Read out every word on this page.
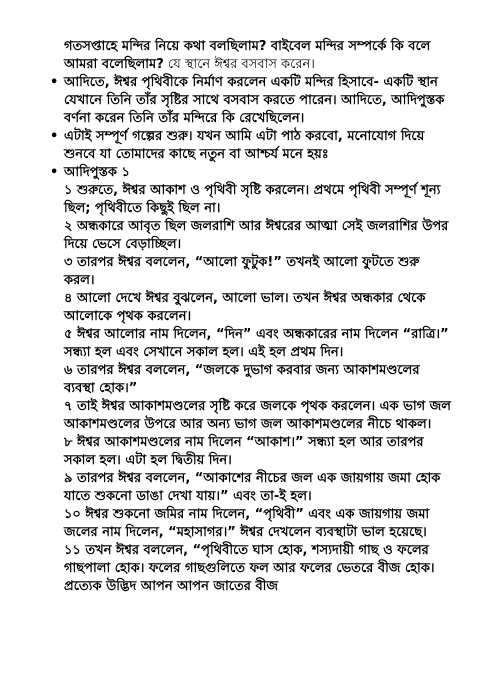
গতসপ্তাহে মন্দির নিয়ে কথা বলছিলাম? বাইবেল মন্দির সম্পর্কে কি বলে আমরা বলেছিলাম? যে স্থানে ঈশ্বর বসবাস করেন।

• আদিতে, ঈশ্বর পৃথিবীকে নির্মাণ করলেন একটি মন্দির হিসাবে- একটি স্থান যেখানে তিনি তাঁর সৃষ্টির সাথে বসবাস করতে পারেন। আদিতে, আদিপুস্তক বর্ণনা করেন তিনি তাঁর মন্দিরে কি রেখেছিলেন।
• এটাই সম্পূর্ণ গল্পের শুরু। যখন আমি এটা পাঠ করবো, মনোযোগ দিয়ে শুনবে যা তোমাদের কাছে নতুন বা আশ্চর্য মনে হয়ঃ
• আদিপুস্তক ১

১ শুরুতে, ঈশ্বর আকাশ ও পৃথিবী সৃষ্টি করলেন। প্রথমে পৃথিবী সম্পূর্ণ শূন্য ছিল; পৃথিবীতে কিছুই ছিল না।

২ অন্ধকারে আবৃত ছিল জলরাশি আর ঈশ্বরের আত্মা সেই জলরাশির উপর দিয়ে ভেসে বেড়াচ্ছিল।

৩ তারপর ঈশ্বর বললেন, “আলো ফুটুক!” তখনই আলো ফুটতে শুরু করল।

৪ আলো দেখে ঈশ্বর বুঝলেন, আলো ভাল। তখন ঈশ্বর অন্ধকার থেকে আলোকে পৃথক করলেন।

৫ ঈশ্বর আলোর নাম দিলেন, “দিন” এবং অন্ধকারের নাম দিলেন “রাত্রি।” সন্ধ্যা হল এবং সেখানে সকাল হল। এই হল প্রথম দিন।

৬ তারপর ঈশ্বর বললেন, “জলকে দুভাগ করবার জন্য আকাশমণ্ডলের ব্যবস্থা হোক।”

৭ তাই ঈশ্বর আকাশমণ্ডলের সৃষ্টি করে জলকে পৃথক করলেন। এক ভাগ জল আকাশমণ্ডলের উপরে আর অন্য ভাগ জল আকাশমণ্ডলের নীচে থাকল।

৮ ঈশ্বর আকাশমণ্ডলের নাম দিলেন “আকাশ।” সন্ধ্যা হল আর তারপর সকাল হল। এটা হল দ্বিতীয় দিন।

৯ তারপর ঈশ্বর বললেন, “আকাশের নীচের জল এক জায়গায় জমা হোক যাতে শুকনো ডাঙা দেখা যায়।” এবং তা-ই হল।

১০ ঈশ্বর শুকনো জমির নাম দিলেন, “পৃথিবী” এবং এক জায়গায় জমা জলের নাম দিলেন, “মহাসাগর।” ঈশ্বর দেখলেন ব্যবস্থাটা ভাল হয়েছে।

১১ তখন ঈশ্বর বললেন, “পৃথিবীতে ঘাস হোক, শস্যদায়ী গাছ ও ফলের গাছপালা হোক। ফলের গাছগুলিতে ফল আর ফলের ভেতরে বীজ হোক। প্রত্যেক উদ্ভিদ আপন আপন জাতের বীজ
